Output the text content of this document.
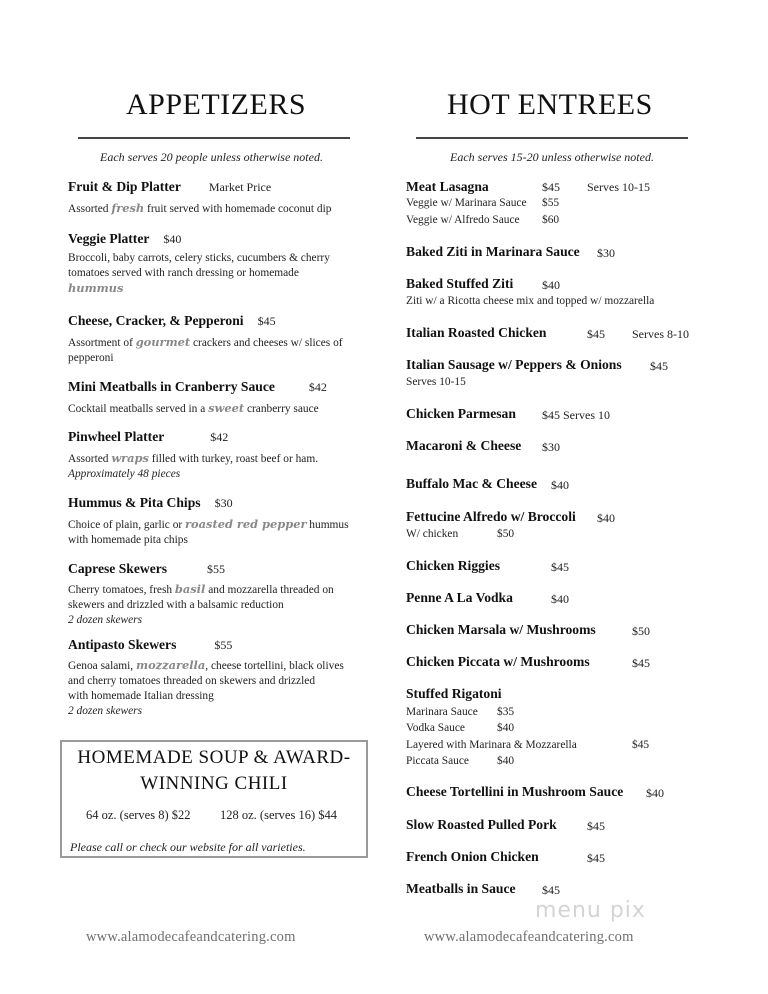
APPETIZERS
Each serves 20 people unless otherwise noted.
Fruit & Dip Platter Market Price
Assorted fresh fruit served with homemade coconut dip
Veggie Platter $40
Broccoli, baby carrots, celery sticks, cucumbers & cherry
tomatoes served with ranch dressing or homemade
hummus
Cheese, Cracker, & Pepperoni $45
Assortment of gourmet crackers and cheeses w/ slices of
pepperoni
Mini Meatballs in Cranberry Sauce	$42
Cocktail meatballs served in a sweet cranberry sauce
Pinwheel Platter	$42
Assorted wraps filled with turkey, roast beef or ham.
Approximately 48 pieces
Hummus & Pita Chips $30
Choice of plain, garlic or roasted red pepper hummus
with homemade pita chips
Caprese Skewers	$55
Cherry tomatoes, fresh basil and mozzarella threaded on
skewers and drizzled with a balsamic reduction
2 dozen skewers
Antipasto Skewers	$55
Genoa salami, mozzarella, cheese tortellini, black olives
and cherry tomatoes threaded on skewers and drizzled
with homemade Italian dressing
2 dozen skewers
HOMEMADE SOUP & AWARD-WINNING CHILI
64 oz. (serves 8) $22 128 oz. (serves 16) $44
Please call or check our website for all varieties.
HOT ENTREES
Each serves 15-20 unless otherwise noted.
Meat Lasagna	$45 Serves 10-15
Veggie w/ Marinara Sauce $55
Veggie w/ Alfredo Sauce $60
Baked Ziti in Marinara Sauce $30
Baked Stuffed Ziti $40
Ziti w/ a Ricotta cheese mix and topped w/ mozzarella
Italian Roasted Chicken	$45 Serves 8-10
Italian Sausage w/ Peppers & Onions $45
Serves 10-15
Chicken Parmesan $45 Serves 10
Macaroni & Cheese $30
Buffalo Mac & Cheese $40
Fettucine Alfredo w/ Broccoli $40
W/ chicken	$50
Chicken Riggies	$45
Penne A La Vodka	$40
Chicken Marsala w/ Mushrooms	$50
Chicken Piccata w/ Mushrooms	$45
Stuffed Rigatoni
Marinara Sauce $35
Vodka Sauce	$40
Layered with Marinara & Mozzarella	$45
Piccata Sauce $40
Cheese Tortellini in Mushroom Sauce $40
Slow Roasted Pulled Pork	$45
French Onion Chicken	$45
Meatballs in Sauce $45
menu pix
www.alamodecafeandcatering.com	www.alamodecafeandcatering.com
